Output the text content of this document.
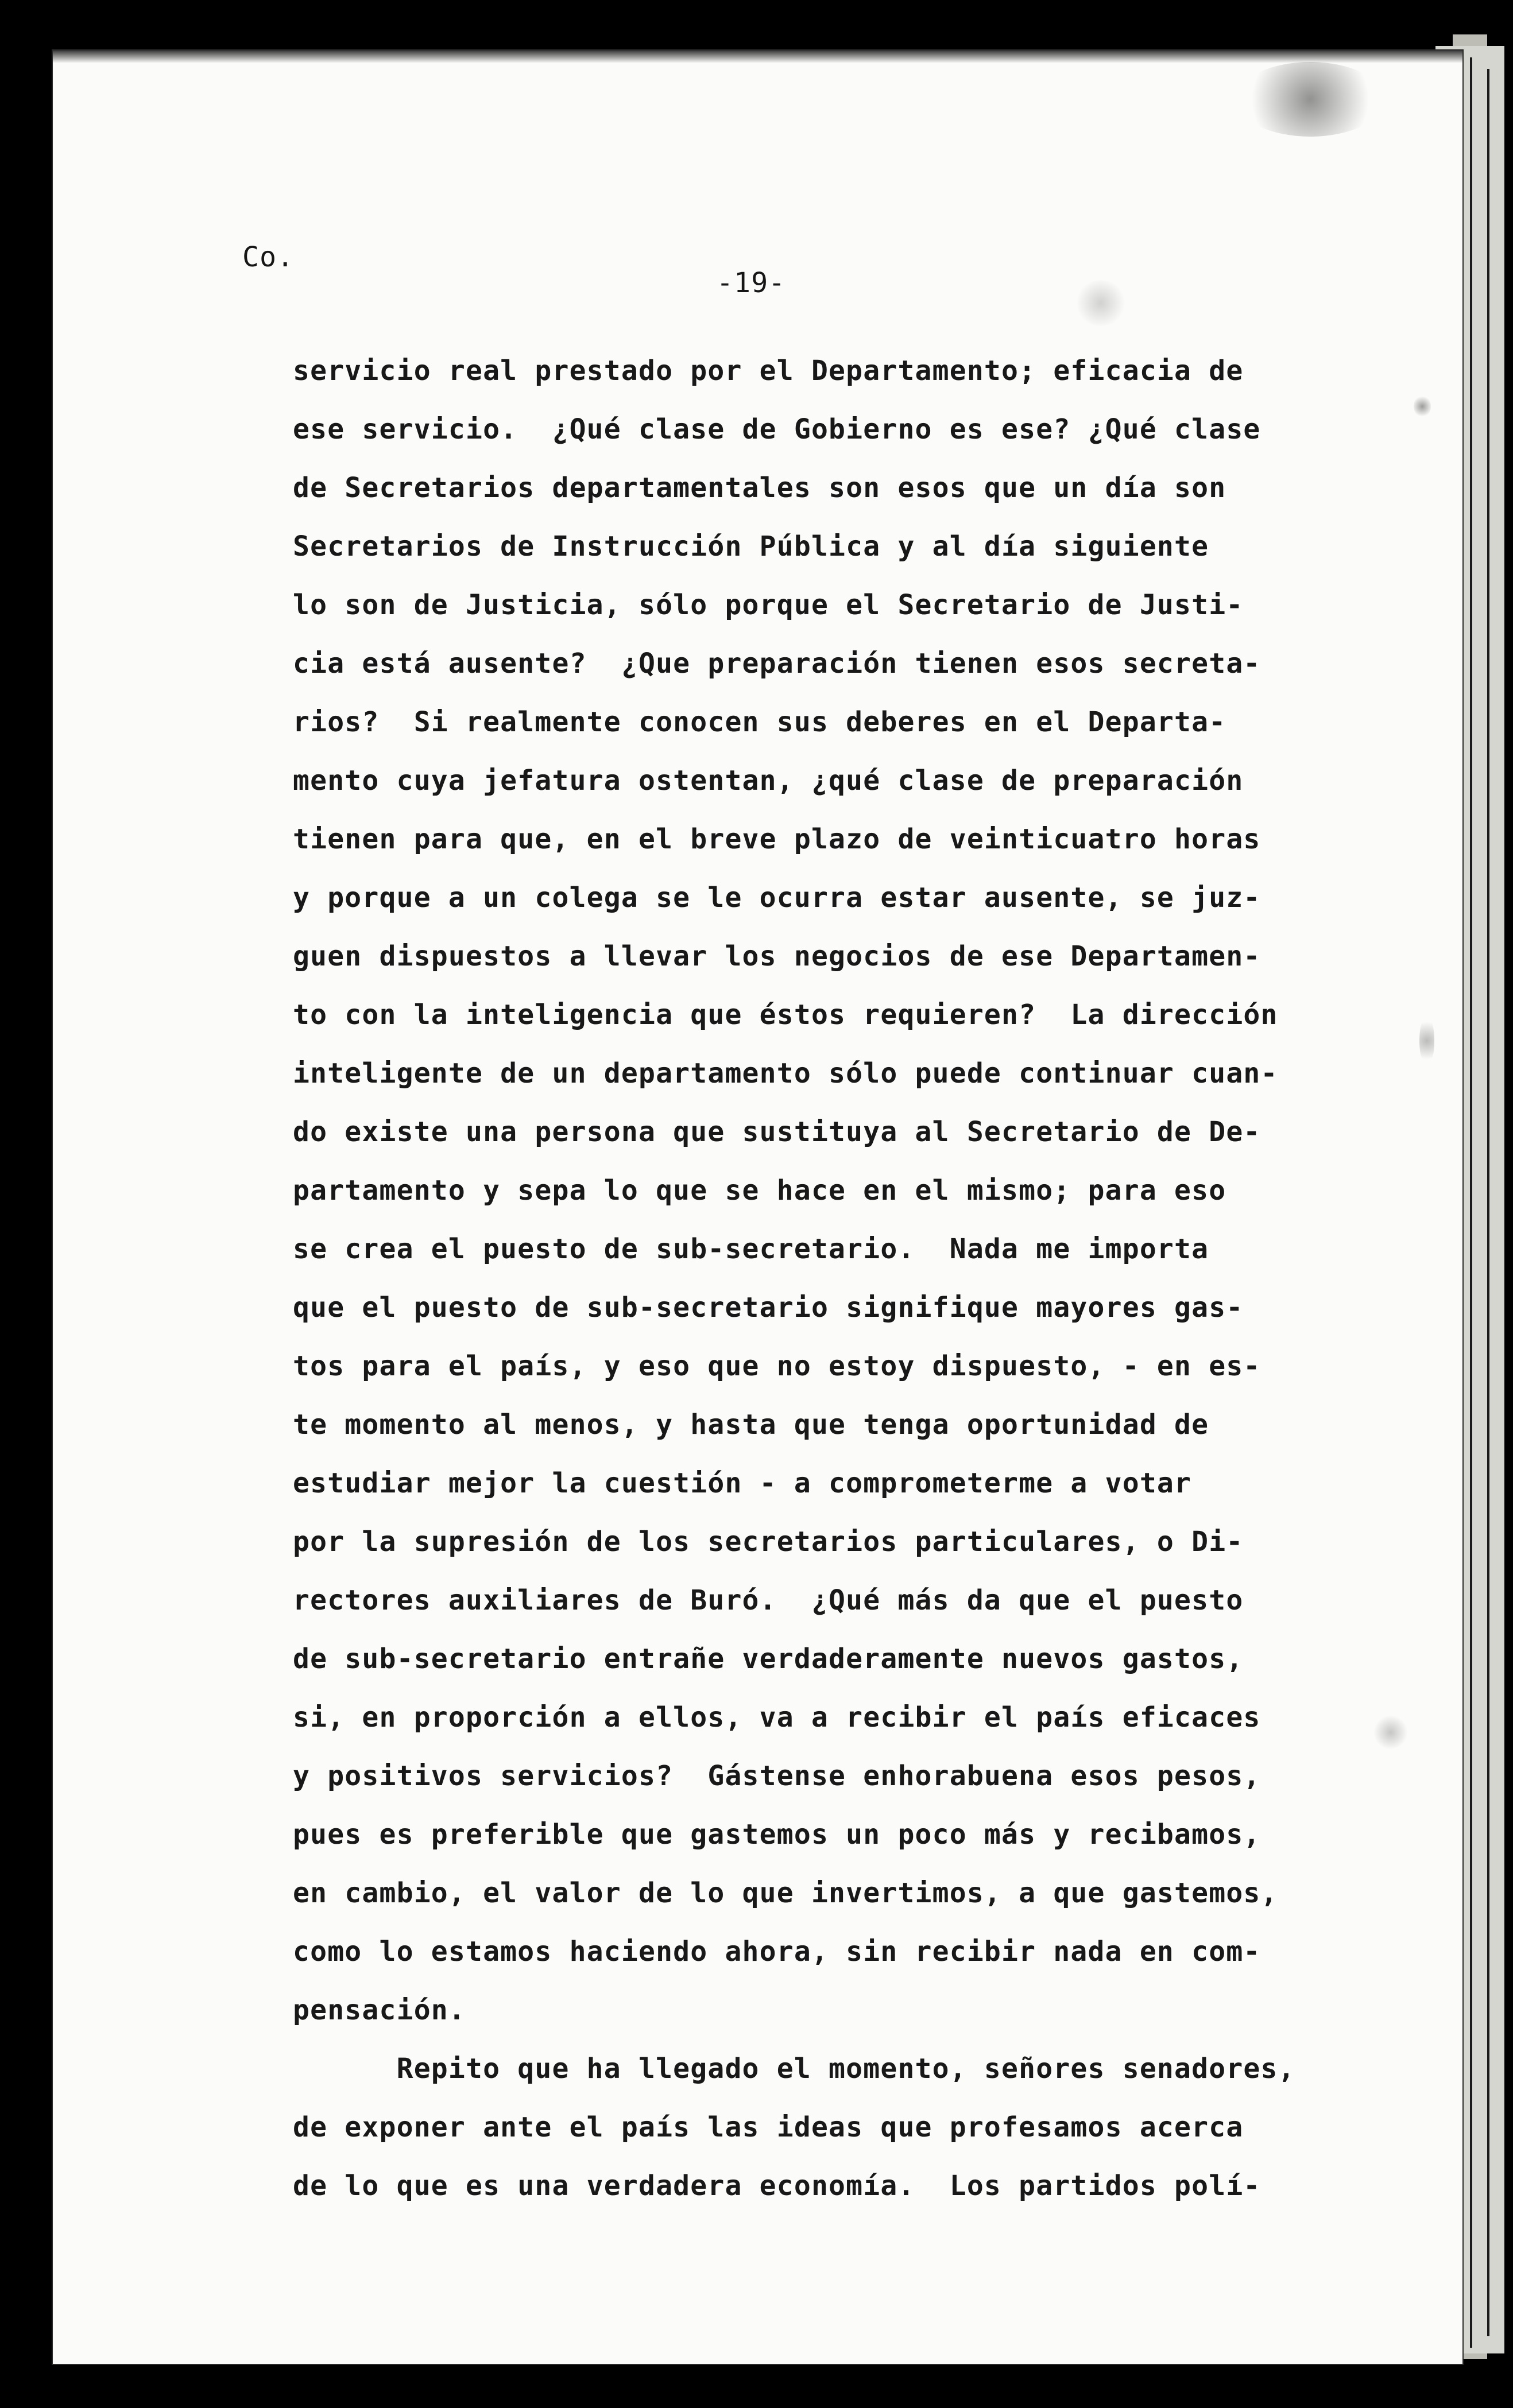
Co.
-19-
servicio real prestado por el Departamento; eficacia de
ese servicio.  ¿Qué clase de Gobierno es ese? ¿Qué clase
de Secretarios departamentales son esos que un día son
Secretarios de Instrucción Pública y al día siguiente
lo son de Justicia, sólo porque el Secretario de Justi-
cia está ausente?  ¿Que preparación tienen esos secreta-
rios?  Si realmente conocen sus deberes en el Departa-
mento cuya jefatura ostentan, ¿qué clase de preparación
tienen para que, en el breve plazo de veinticuatro horas
y porque a un colega se le ocurra estar ausente, se juz-
guen dispuestos a llevar los negocios de ese Departamen-
to con la inteligencia que éstos requieren?  La dirección
inteligente de un departamento sólo puede continuar cuan-
do existe una persona que sustituya al Secretario de De-
partamento y sepa lo que se hace en el mismo; para eso
se crea el puesto de sub-secretario.  Nada me importa
que el puesto de sub-secretario signifique mayores gas-
tos para el país, y eso que no estoy dispuesto, - en es-
te momento al menos, y hasta que tenga oportunidad de
estudiar mejor la cuestión - a comprometerme a votar
por la supresión de los secretarios particulares, o Di-
rectores auxiliares de Buró.  ¿Qué más da que el puesto
de sub-secretario entrañe verdaderamente nuevos gastos,
si, en proporción a ellos, va a recibir el país eficaces
y positivos servicios?  Gástense enhorabuena esos pesos,
pues es preferible que gastemos un poco más y recibamos,
en cambio, el valor de lo que invertimos, a que gastemos,
como lo estamos haciendo ahora, sin recibir nada en com-
pensación.
Repito que ha llegado el momento, señores senadores,
de exponer ante el país las ideas que profesamos acerca
de lo que es una verdadera economía.  Los partidos polí-
